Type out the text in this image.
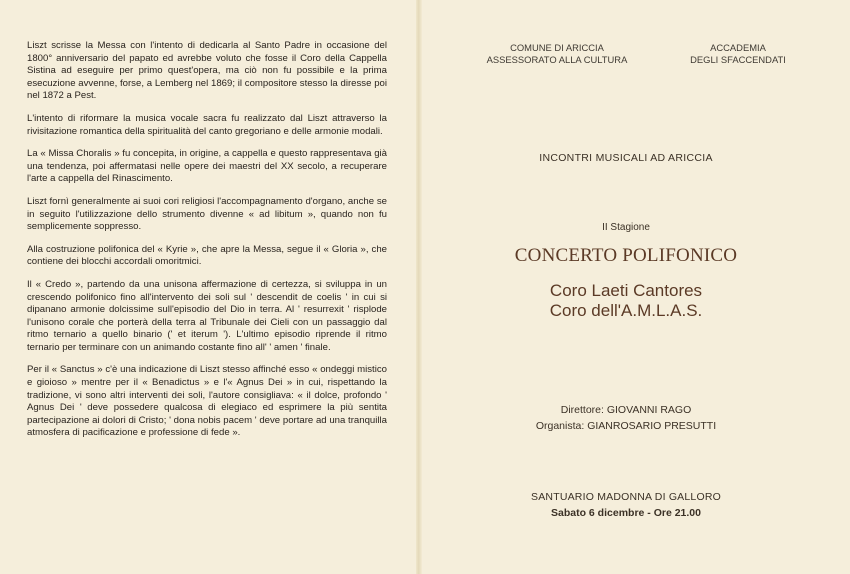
Liszt scrisse la Messa con l'intento di dedicarla al Santo Padre in occasione del 1800° anniversario del papato ed avrebbe voluto che fosse il Coro della Cappella Sistina ad eseguire per primo quest'opera, ma ciò non fu possibile e la prima esecuzione avvenne, forse, a Lemberg nel 1869; il compositore stesso la diresse poi nel 1872 a Pest.

L'intento di riformare la musica vocale sacra fu realizzato dal Liszt attraverso la rivisitazione romantica della spiritualità del canto gregoriano e delle armonie modali.

La « Missa Choralis » fu concepita, in origine, a cappella e questo rappresentava già una tendenza, poi affermatasi nelle opere dei maestri del XX secolo, a recuperare l'arte a cappella del Rinascimento.

Liszt fornì generalmente ai suoi cori religiosi l'accompagnamento d'organo, anche se in seguito l'utilizzazione dello strumento divenne « ad libitum », quando non fu semplicemente soppresso.

Alla costruzione polifonica del « Kyrie », che apre la Messa, segue il « Gloria », che contiene dei blocchi accordali omoritmici.

Il « Credo », partendo da una unisona affermazione di certezza, si sviluppa in un crescendo polifonico fino all'intervento dei soli sul ' descendit de coelis ' in cui si dipanano armonie dolcissime sull'episodio del Dio in terra. Al ' resurrexit ' risplode l'unisono corale che porterà della terra al Tribunale dei Cieli con un passaggio dal ritmo ternario a quello binario (' et iterum '). L'ultimo episodio riprende il ritmo ternario per terminare con un animando costante fino all' ' amen ' finale.

Per il « Sanctus » c'è una indicazione di Liszt stesso affinché esso « ondeggi mistico e gioioso » mentre per il « Benadictus » e l'« Agnus Dei » in cui, rispettando la tradizione, vi sono altri interventi dei soli, l'autore consigliava: « il dolce, profondo ' Agnus Dei ' deve possedere qualcosa di elegiaco ed esprimere la più sentita partecipazione ai dolori di Cristo; ' dona nobis pacem ' deve portare ad una tranquilla atmosfera di pacificazione e professione di fede ».

COMUNE DI ARICCIA
ASSESSORATO ALLA CULTURA
ACCADEMIA
DEGLI SFACCENDATI
INCONTRI MUSICALI AD ARICCIA
II Stagione
CONCERTO POLIFONICO
Coro Laeti Cantores
Coro dell'A.M.L.A.S.
Direttore: GIOVANNI RAGO
Organista: GIANROSARIO PRESUTTI
SANTUARIO MADONNA DI GALLORO
Sabato 6 dicembre - Ore 21.00
